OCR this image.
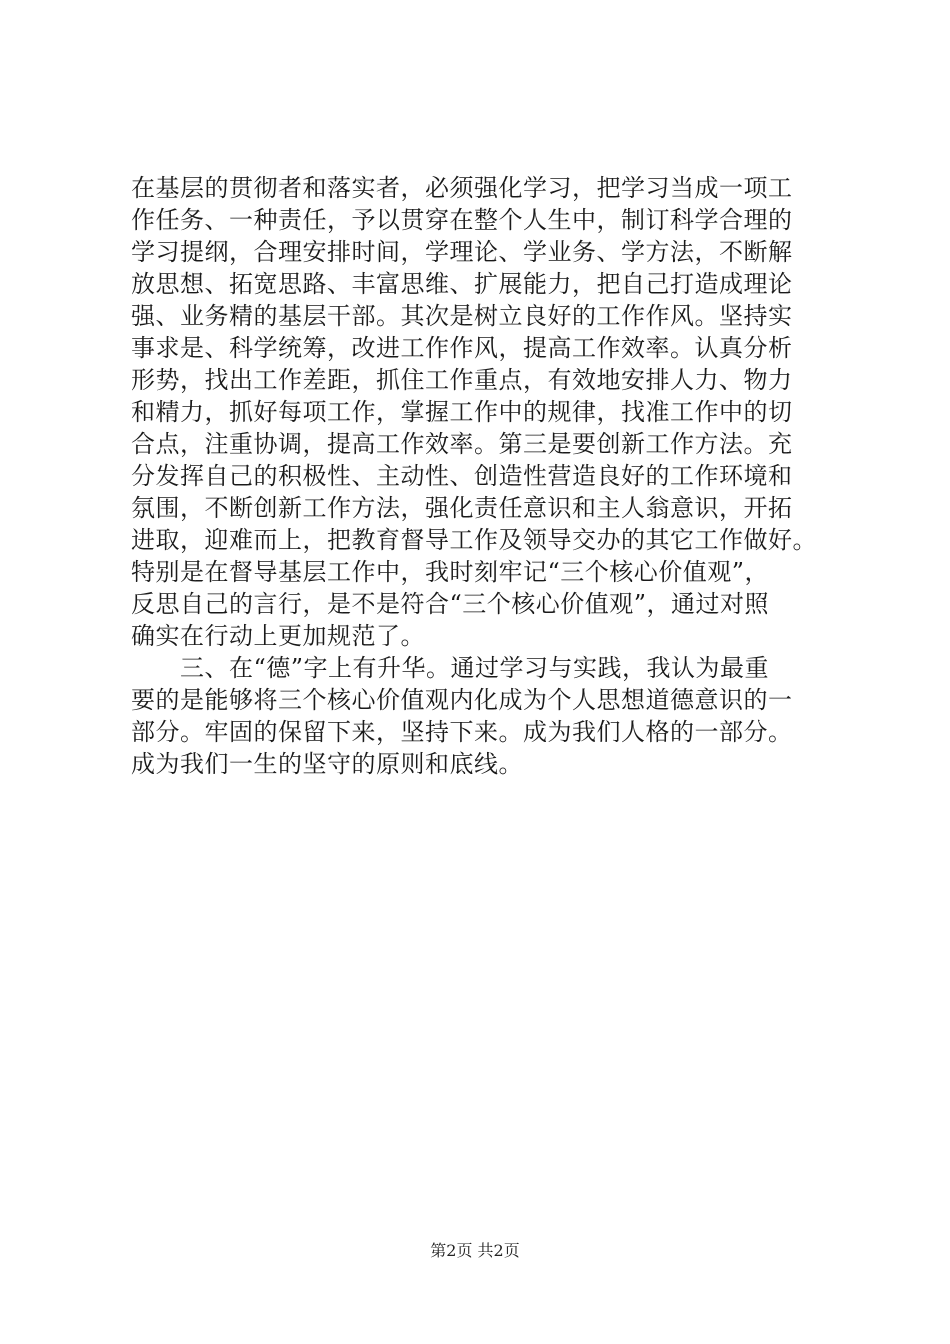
在基层的贯彻者和落实者，必须强化学习，把学习当成一项工
作任务、一种责任，予以贯穿在整个人生中，制订科学合理的
学习提纲，合理安排时间，学理论、学业务、学方法，不断解
放思想、拓宽思路、丰富思维、扩展能力，把自己打造成理论
强、业务精的基层干部。其次是树立良好的工作作风。坚持实
事求是、科学统筹，改进工作作风，提高工作效率。认真分析
形势，找出工作差距，抓住工作重点，有效地安排人力、物力
和精力，抓好每项工作，掌握工作中的规律，找准工作中的切
合点，注重协调，提高工作效率。第三是要创新工作方法。充
分发挥自己的积极性、主动性、创造性营造良好的工作环境和
氛围，不断创新工作方法，强化责任意识和主人翁意识，开拓
进取，迎难而上，把教育督导工作及领导交办的其它工作做好。
特别是在督导基层工作中，我时刻牢记“三个核心价值观”，
反思自己的言行，是不是符合“三个核心价值观”，通过对照
确实在行动上更加规范了。
　　三、在“德”字上有升华。通过学习与实践，我认为最重
要的是能够将三个核心价值观内化成为个人思想道德意识的一
部分。牢固的保留下来，坚持下来。成为我们人格的一部分。
成为我们一生的坚守的原则和底线。
第2页 共2页
